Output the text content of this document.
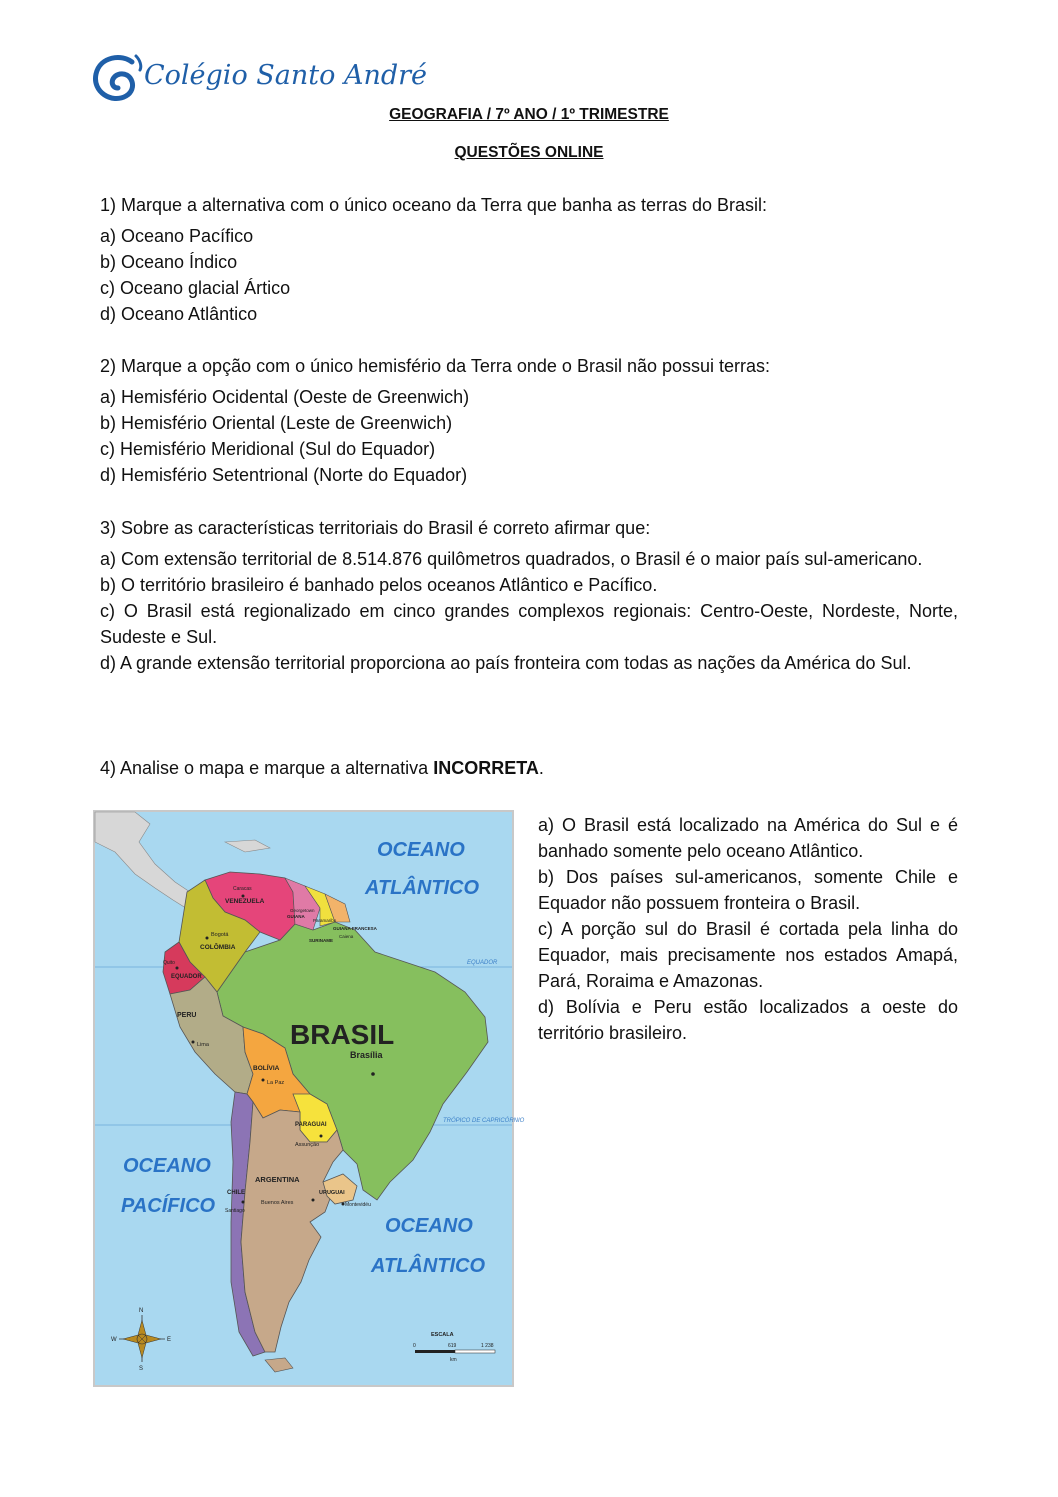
Colégio Santo André
GEOGRAFIA / 7º ANO / 1º TRIMESTRE
QUESTÕES ONLINE

1) Marque a alternativa com o único oceano da Terra que banha as terras do Brasil:

a) Oceano Pacífico

b) Oceano Índico

c) Oceano glacial Ártico

d) Oceano Atlântico

2) Marque a opção com o único hemisfério da Terra onde o Brasil não possui terras:

a) Hemisfério Ocidental (Oeste de Greenwich)

b) Hemisfério Oriental (Leste de Greenwich)

c) Hemisfério Meridional (Sul do Equador)

d) Hemisfério Setentrional (Norte do Equador)

3) Sobre as características territoriais do Brasil é correto afirmar que:

a) Com extensão territorial de 8.514.876 quilômetros quadrados, o Brasil é o maior país sul-americano.

b) O território brasileiro é banhado pelos oceanos Atlântico e Pacífico.

c) O Brasil está regionalizado em cinco grandes complexos regionais: Centro-Oeste, Nordeste, Norte, Sudeste e Sul.

d) A grande extensão territorial proporciona ao país fronteira com todas as nações da América do Sul.

4) Analise o mapa e marque a alternativa INCORRETA.

EQUADOR
TRÓPICO DE CAPRICÓRNIO
OCEANO
ATLÂNTICO
OCEANO
PACÍFICO
OCEANO
ATLÂNTICO
BRASIL
VENEZUELA
COLÔMBIA
EQUADOR
PERU
BOLÍVIA
PARAGUAI
ARGENTINA
CHILE	URUGUAI
GUIANA
SURINAME
GUIANA FRANCESA
Brasília
Caracas
Bogotá
Quito
Lima
La Paz
Assunção
Buenos Aires
Santiago
Montevidéu
Georgetown
Paramaribo
Caiena
N
S
E
W
ESCALA
0	619	1 238
km

a) O Brasil está localizado na América do Sul e é banhado somente pelo oceano Atlântico.

b) Dos países sul-americanos, somente Chile e Equador não possuem fronteira o Brasil.

c) A porção sul do Brasil é cortada pela linha do Equador, mais precisamente nos estados Amapá, Pará, Roraima e Amazonas.

d) Bolívia e Peru estão localizados a oeste do território brasileiro.
